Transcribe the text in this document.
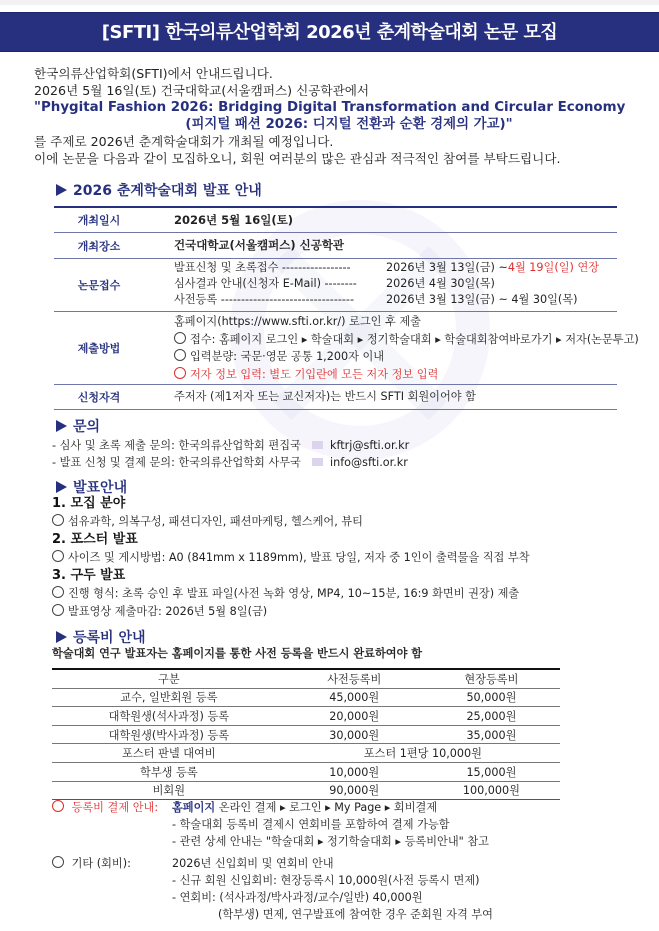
[SFTI] 한국의류산업학회 2026년 춘계학술대회 논문 모집
한국의류산업학회(SFTI)에서 안내드립니다.
2026년 5월 16일(토) 건국대학교(서울캠퍼스) 신공학관에서
"Phygital Fashion 2026: Bridging Digital Transformation and Circular Economy
(피지털 패션 2026: 디지털 전환과 순환 경제의 가교)"
를 주제로 2026년 춘계학술대회가 개최될 예정입니다.
이에 논문을 다음과 같이 모집하오니, 회원 여러분의 많은 관심과 적극적인 참여를 부탁드립니다.
2026 춘계학술대회 발표 안내
개최일시	2026년 5월 16일(토)
개최장소	건국대학교(서울캠퍼스) 신공학관
논문접수
발표신청 및 초록접수 -----------------	2026년 3월 13일(금) ~ 4월 19일(일) 연장
심사결과 안내(신청자 E-Mail) --------	2026년 4월 30일(목)
사전등록 ---------------------------------	2026년 3월 13일(금) ~ 4월 30일(목)
제출방법
홈페이지(https://www.sfti.or.kr/) 로그인 후 제출
접수: 홈페이지 로그인 ▸ 학술대회 ▸ 정기학술대회 ▸ 학술대회참여바로가기 ▸ 저자(논문투고)
입력분량: 국문·영문 공통 1,200자 이내
저자 정보 입력: 별도 기입란에 모든 저자 정보 입력
신청자격	주저자 (제1저자 또는 교신저자)는 반드시 SFTI 회원이어야 함
문의
- 심사 및 초록 제출 문의: 한국의류산업학회 편집국	kftrj@sfti.or.kr
- 발표 신청 및 결제 문의: 한국의류산업학회 사무국	info@sfti.or.kr
발표안내
1. 모집 분야
섬유과학, 의복구성, 패션디자인, 패션마케팅, 헬스케어, 뷰티
2. 포스터 발표
사이즈 및 게시방법: A0 (841mm x 1189mm), 발표 당일, 저자 중 1인이 출력물을 직접 부착
3. 구두 발표
진행 형식: 초록 승인 후 발표 파일(사전 녹화 영상, MP4, 10~15분, 16:9 화면비 권장) 제출
발표영상 제출마감: 2026년 5월 8일(금)
등록비 안내
학술대회 연구 발표자는 홈페이지를 통한 사전 등록을 반드시 완료하여야 함
구분	사전등록비	현장등록비
교수, 일반회원 등록	45,000원	50,000원
대학원생(석사과정) 등록	20,000원	25,000원
대학원생(박사과정) 등록	30,000원	35,000원
포스터 판넬 대여비	포스터 1편당 10,000원	
학부생 등록	10,000원	15,000원
비회원	90,000원	100,000원
등록비 결제 안내: 홈페이지 온라인 결제 ▸ 로그인 ▸ My Page ▸ 회비결제
- 학술대회 등록비 결제시 연회비를 포함하여 결제 가능함
- 관련 상세 안내는 "학술대회 ▸ 정기학술대회 ▸ 등록비안내" 참고
기타 (회비):	2026년 신입회비 및 연회비 안내
- 신규 회원 신입회비: 현장등록시 10,000원(사전 등록시 면제)
- 연회비: (석사과정/박사과정/교수/일반) 40,000원
(학부생) 면제, 연구발표에 참여한 경우 준회원 자격 부여
